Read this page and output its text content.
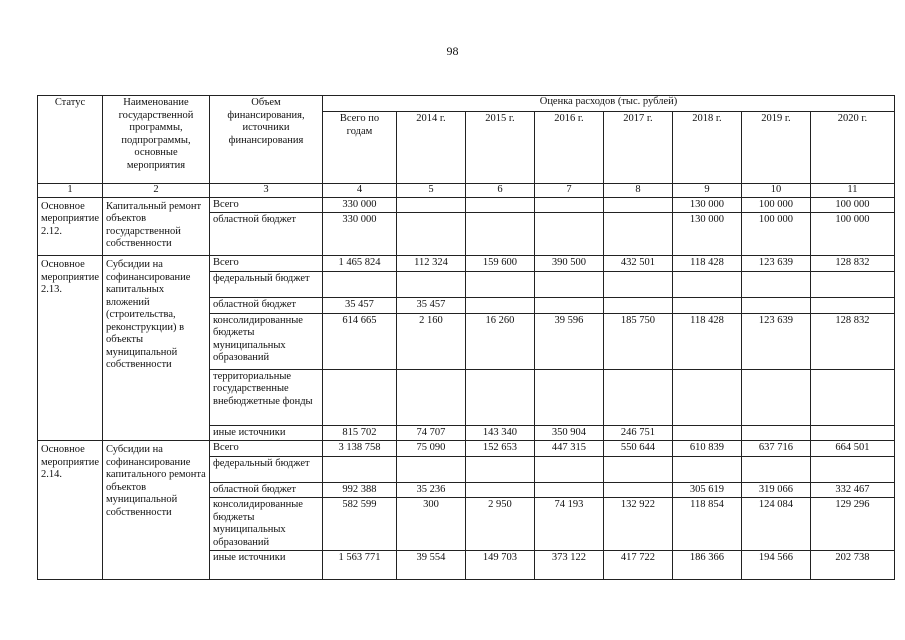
98
Статус	Наименование государственной программы, подпрограммы, основные мероприятия	Объем финансирования, источники финансирования	Оценка расходов (тыс. рублей)							
			Всего по годам	2014 г.	2015 г.	2016 г.	2017 г.	2018 г.	2019 г.	2020 г.
1	2	3	4	5	6	7	8	9	10	11
Основное мероприятие 2.12.	Капитальный ремонт объектов государственной собственности	Всего	330 000					130 000	100 000	100 000
		областной бюджет	330 000					130 000	100 000	100 000
Основное мероприятие 2.13.	Субсидии на софинансирование капитальных вложений (строительства, реконструкции) в объекты муниципальной собственности	Всего	1 465 824	112 324	159 600	390 500	432 501	118 428	123 639	128 832
		федеральный бюджет								
		областной бюджет	35 457	35 457						
		консолидированные бюджеты муниципальных образований	614 665	2 160	16 260	39 596	185 750	118 428	123 639	128 832
		территориальные государственные внебюджетные фонды								
		иные источники	815 702	74 707	143 340	350 904	246 751			
Основное мероприятие 2.14.	Субсидии на софинансирование капитального ремонта объектов муниципальной собственности	Всего	3 138 758	75 090	152 653	447 315	550 644	610 839	637 716	664 501
		федеральный бюджет								
		областной бюджет	992 388	35 236				305 619	319 066	332 467
		консолидированные бюджеты муниципальных образований	582 599	300	2 950	74 193	132 922	118 854	124 084	129 296
		иные источники	1 563 771	39 554	149 703	373 122	417 722	186 366	194 566	202 738
